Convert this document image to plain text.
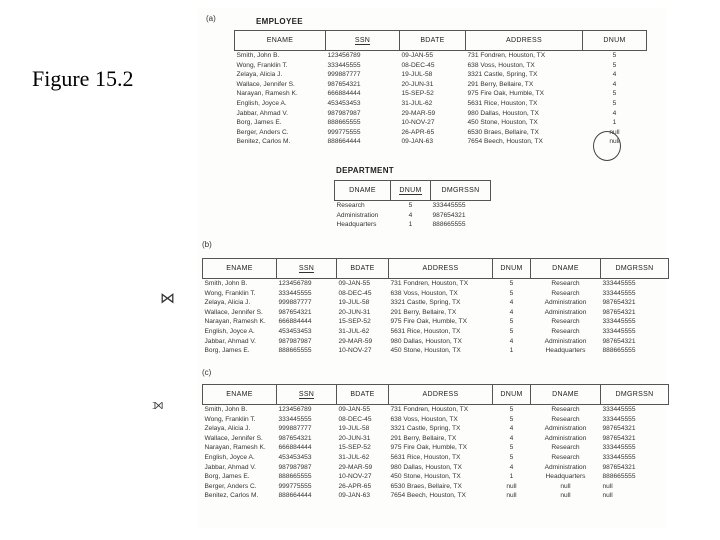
Figure 15.2
(a)	EMPLOYEE
ENAME	SSN	BDATE	ADDRESS	DNUM
Smith, John B.	123456789	09-JAN-55	731 Fondren, Houston, TX	5
Wong, Franklin T.	333445555	08-DEC-45	638 Voss, Houston, TX	5
Zelaya, Alicia J.	999887777	19-JUL-58	3321 Castle, Spring, TX	4
Wallace, Jennifer S.	987654321	20-JUN-31	291 Berry, Bellaire, TX	4
Narayan, Ramesh K.	666884444	15-SEP-52	975 Fire Oak, Humble, TX	5
English, Joyce A.	453453453	31-JUL-62	5631 Rice, Houston, TX	5
Jabbar, Ahmad V.	987987987	29-MAR-59	980 Dallas, Houston, TX	4
Borg, James E.	888665555	10-NOV-27	450 Stone, Houston, TX	1
Berger, Anders C.	999775555	26-APR-65	6530 Braes, Bellaire, TX	null
Benitez, Carlos M.	888664444	09-JAN-63	7654 Beech, Houston, TX	null
DEPARTMENT
DNAME	DNUM	DMGRSSN
Research	5	333445555
Administration	4	987654321
Headquarters	1	888665555
(b)
⋈
ENAME	SSN	BDATE	ADDRESS	DNUM	DNAME	DMGRSSN
Smith, John B.	123456789	09-JAN-55	731 Fondren, Houston, TX	5	Research	333445555
Wong, Franklin T.	333445555	08-DEC-45	638 Voss, Houston, TX	5	Research	333445555
Zelaya, Alicia J.	999887777	19-JUL-58	3321 Castle, Spring, TX	4	Administration	987654321
Wallace, Jennifer S.	987654321	20-JUN-31	291 Berry, Bellaire, TX	4	Administration	987654321
Narayan, Ramesh K.	666884444	15-SEP-52	975 Fire Oak, Humble, TX	5	Research	333445555
English, Joyce A.	453453453	31-JUL-62	5631 Rice, Houston, TX	5	Research	333445555
Jabbar, Ahmad V.	987987987	29-MAR-59	980 Dallas, Houston, TX	4	Administration	987654321
Borg, James E.	888665555	10-NOV-27	450 Stone, Houston, TX	1	Headquarters	888665555
(c)
⟕
ENAME	SSN	BDATE	ADDRESS	DNUM	DNAME	DMGRSSN
Smith, John B.	123456789	09-JAN-55	731 Fondren, Houston, TX	5	Research	333445555
Wong, Franklin T.	333445555	08-DEC-45	638 Voss, Houston, TX	5	Research	333445555
Zelaya, Alicia J.	999887777	19-JUL-58	3321 Castle, Spring, TX	4	Administration	987654321
Wallace, Jennifer S.	987654321	20-JUN-31	291 Berry, Bellaire, TX	4	Administration	987654321
Narayan, Ramesh K.	666884444	15-SEP-52	975 Fire Oak, Humble, TX	5	Research	333445555
English, Joyce A.	453453453	31-JUL-62	5631 Rice, Houston, TX	5	Research	333445555
Jabbar, Ahmad V.	987987987	29-MAR-59	980 Dallas, Houston, TX	4	Administration	987654321
Borg, James E.	888665555	10-NOV-27	450 Stone, Houston, TX	1	Headquarters	888665555
Berger, Anders C.	999775555	26-APR-65	6530 Braes, Bellaire, TX	null	null	null
Benitez, Carlos M.	888664444	09-JAN-63	7654 Beech, Houston, TX	null	null	null
